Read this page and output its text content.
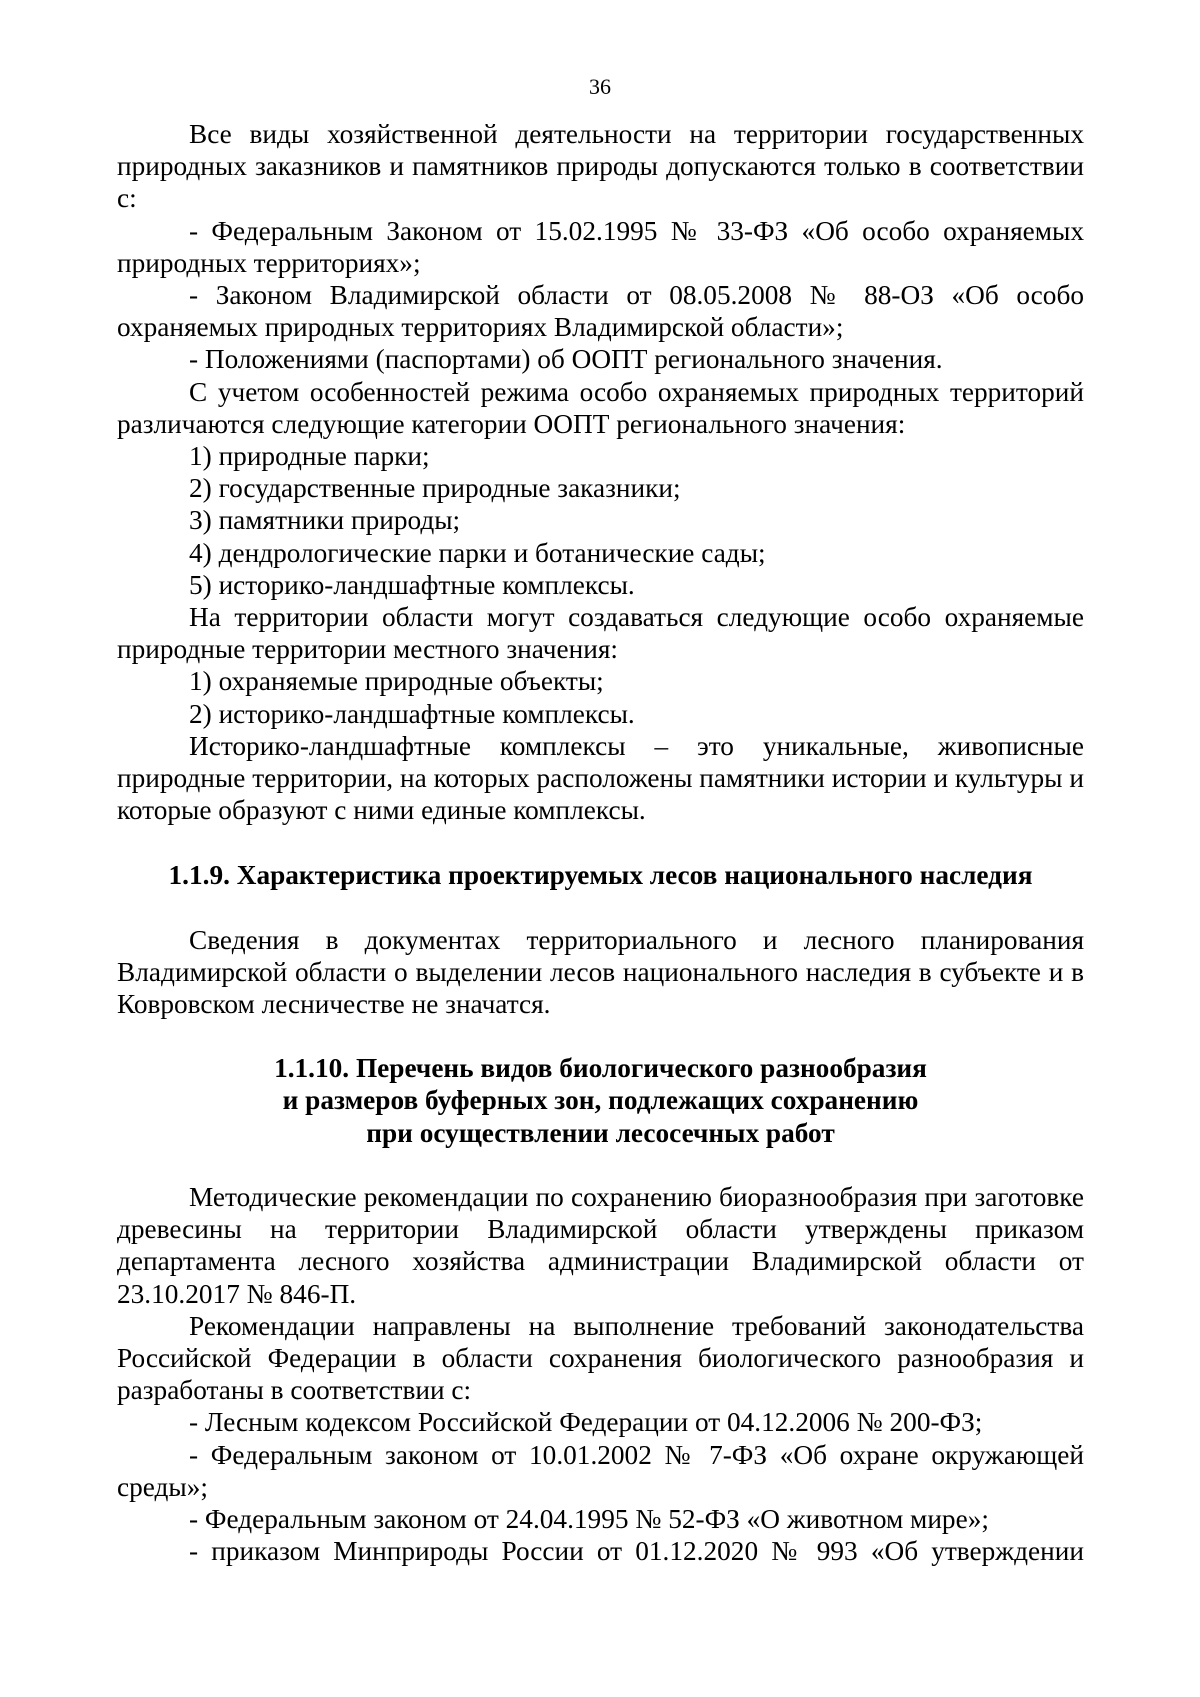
36

Все виды хозяйственной деятельности на территории государственных природных заказников и памятников природы допускаются только в соответствии с:

- Федеральным Законом от 15.02.1995 № 33-ФЗ «Об особо охраняемых природных территориях»;

- Законом Владимирской области от 08.05.2008 № 88-ОЗ «Об особо охраняемых природных территориях Владимирской области»;

- Положениями (паспортами) об ООПТ регионального значения.

С учетом особенностей режима особо охраняемых природных территорий различаются следующие категории ООПТ регионального значения:

1) природные парки;

2) государственные природные заказники;

3) памятники природы;

4) дендрологические парки и ботанические сады;

5) историко-ландшафтные комплексы.

На территории области могут создаваться следующие особо охраняемые природные территории местного значения:

1) охраняемые природные объекты;

2) историко-ландшафтные комплексы.

Историко-ландшафтные комплексы – это уникальные, живописные природные территории, на которых расположены памятники истории и культуры и которые образуют с ними единые комплексы.

1.1.9. Характеристика проектируемых лесов национального наследия

Сведения в документах территориального и лесного планирования Владимирской области о выделении лесов национального наследия в субъекте и в Ковровском лесничестве не значатся.

1.1.10. Перечень видов биологического разнообразия

и размеров буферных зон, подлежащих сохранению

при осуществлении лесосечных работ

Методические рекомендации по сохранению биоразнообразия при заготовке древесины на территории Владимирской области утверждены приказом департамента лесного хозяйства администрации Владимирской области от 23.10.2017 № 846-П.

Рекомендации направлены на выполнение требований законодательства Российской Федерации в области сохранения биологического разнообразия и разработаны в соответствии с:

- Лесным кодексом Российской Федерации от 04.12.2006 № 200-ФЗ;

- Федеральным законом от 10.01.2002 № 7-ФЗ «Об охране окружающей среды»;

- Федеральным законом от 24.04.1995 № 52-ФЗ «О животном мире»;

- приказом Минприроды России от 01.12.2020 № 993 «Об утверждении
